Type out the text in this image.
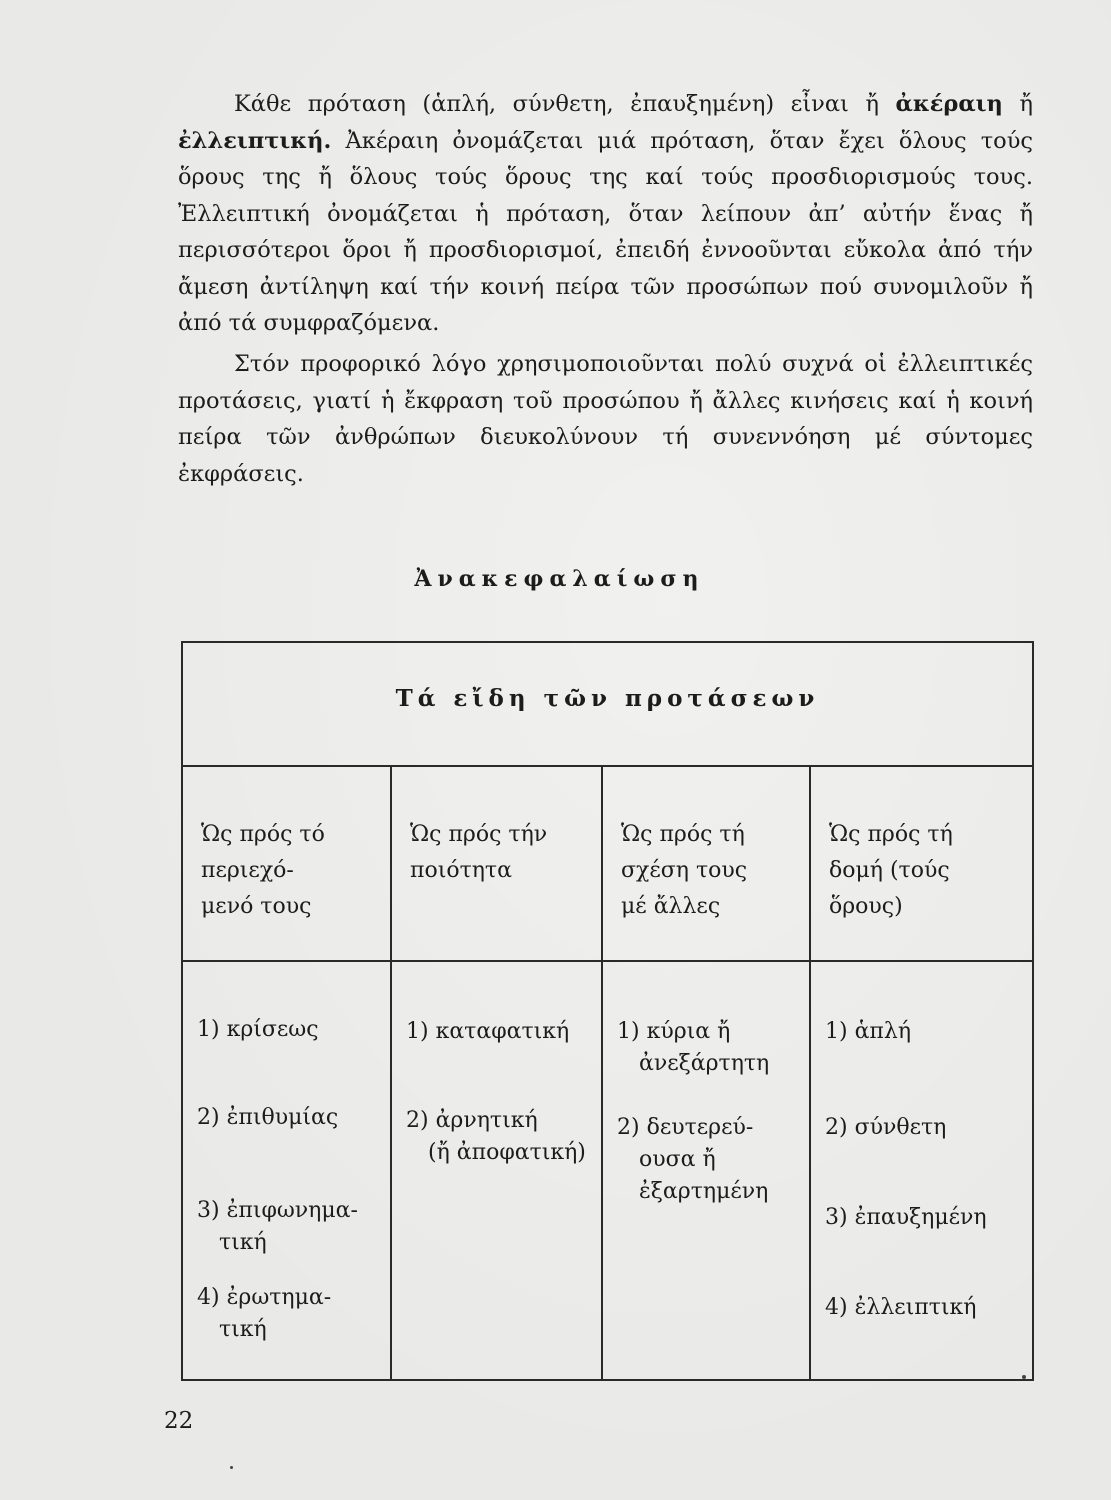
Κάθε πρόταση (ἁπλή, σύνθετη, ἐπαυξημένη) εἶναι ἤ ἀκέραιη ἤ ἐλλειπτική. Ἀκέραιη ὀνομάζεται μιά πρόταση, ὅταν ἔχει ὅλους τούς ὅρους της ἤ ὅλους τούς ὅρους της καί τούς προσδιορισμούς τους. Ἐλλειπτική ὀνομάζεται ἡ πρόταση, ὅταν λείπουν ἀπ’ αὐτήν ἕνας ἤ περισσότεροι ὅροι ἤ προσδιορισμοί, ἐπειδή ἐννοοῦνται εὔκολα ἀπό τήν ἄμεση ἀντίληψη καί τήν κοινή πείρα τῶν προσώπων πού συνομιλοῦν ἤ ἀπό τά συμφραζόμενα.

Στόν προφορικό λόγο χρησιμοποιοῦνται πολύ συχνά οἱ ἐλλειπτικές προτάσεις, γιατί ἡ ἔκφραση τοῦ προσώπου ἤ ἄλλες κινήσεις καί ἡ κοινή πείρα τῶν ἀνθρώπων διευκολύνουν τή συνεννόηση μέ σύντομες ἐκφράσεις.

Ἀνακεφαλαίωση
Τά εἴδη τῶν προτάσεων
Ὡς πρός τό
περιεχό-
μενό τους
1) κρίσεως
2) ἐπιθυμίας
3) ἐπιφωνημα-
τική
4) ἐρωτημα-
τική
Ὡς πρός τήν
ποιότητα
1) καταφατική
2) ἀρνητική
(ἤ ἀποφατική)
Ὡς πρός τή
σχέση τους
μέ ἄλλες
1) κύρια ἤ
ἀνεξάρτητη
2) δευτερεύ-
ουσα ἤ
ἐξαρτημένη
Ὡς πρός τή
δομή (τούς
ὅρους)
1) ἁπλή
2) σύνθετη
3) ἐπαυξημένη
4) ἐλλειπτική
22
